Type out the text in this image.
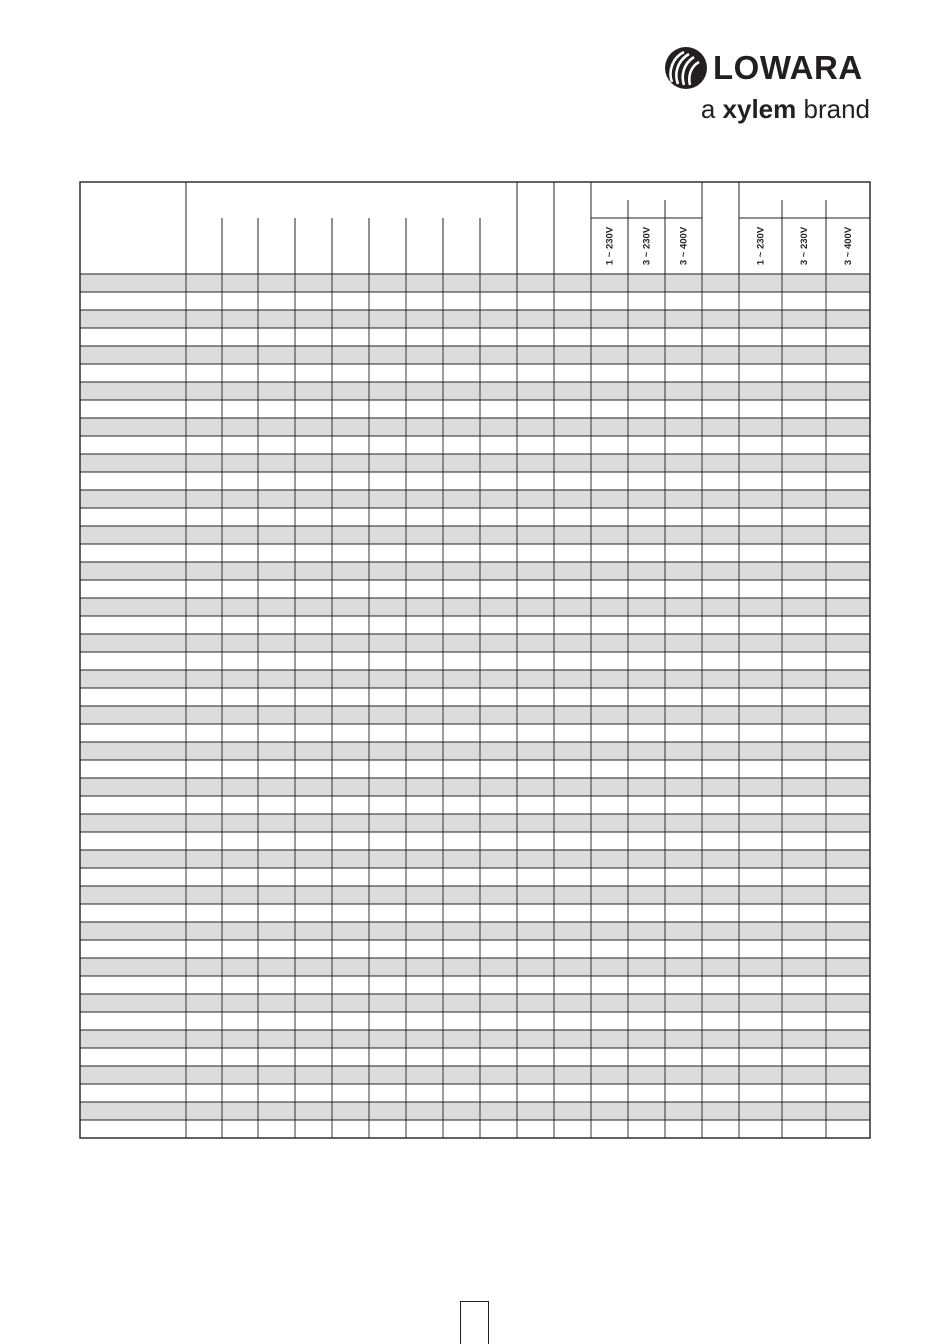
LOWARA
a xylem brand
1 ~ 230V	3 ~ 230V	3 ~ 400V	1 ~ 230V	3 ~ 230V	3 ~ 400V
